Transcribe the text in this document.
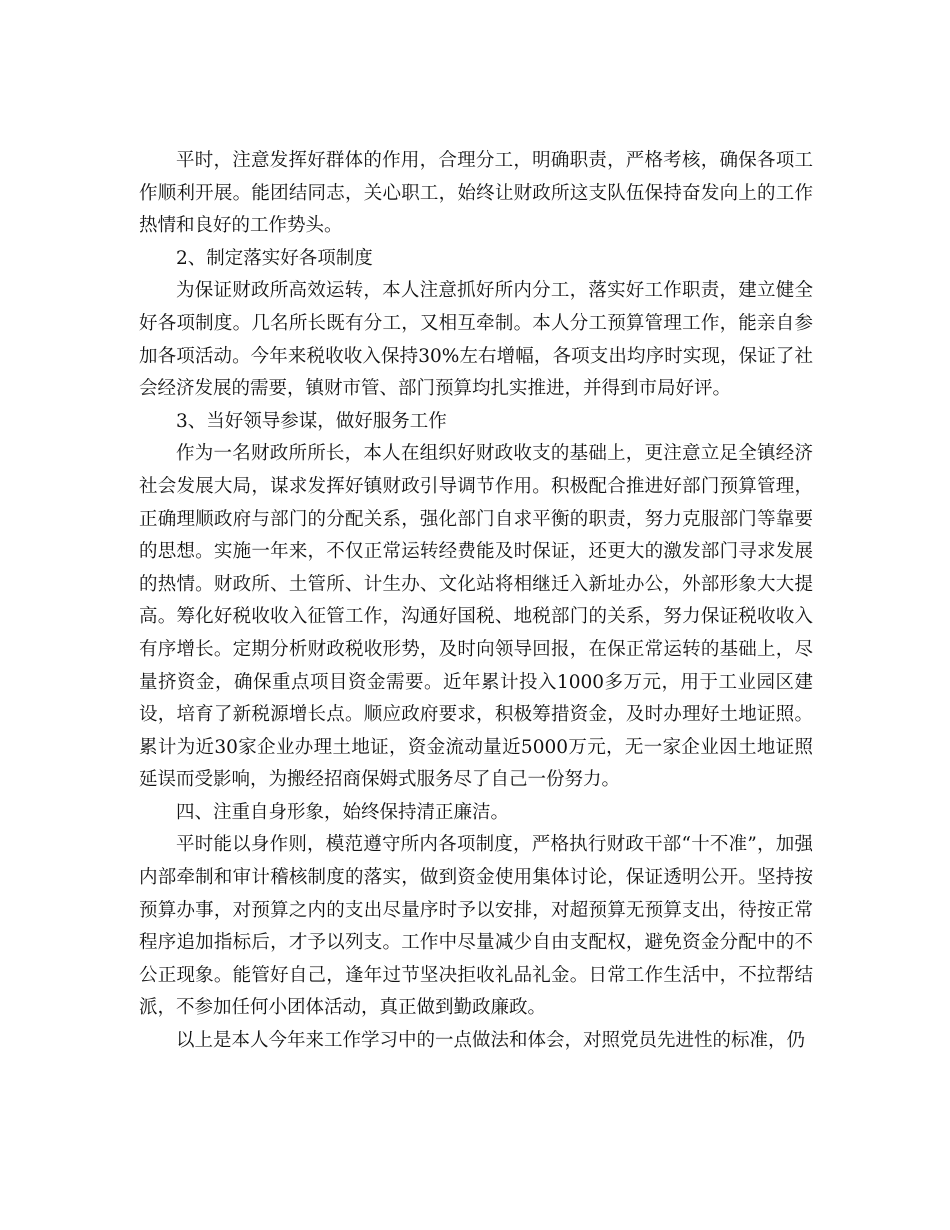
平时，注意发挥好群体的作用，合理分工，明确职责，严格考核，确保各项工作顺利开展。能团结同志，关心职工，始终让财政所这支队伍保持奋发向上的工作热情和良好的工作势头。

2、制定落实好各项制度

为保证财政所高效运转，本人注意抓好所内分工，落实好工作职责，建立健全好各项制度。几名所长既有分工，又相互牵制。本人分工预算管理工作，能亲自参加各项活动。今年来税收收入保持30%左右增幅，各项支出均序时实现，保证了社会经济发展的需要，镇财市管、部门预算均扎实推进，并得到市局好评。

3、当好领导参谋，做好服务工作

作为一名财政所所长，本人在组织好财政收支的基础上，更注意立足全镇经济社会发展大局，谋求发挥好镇财政引导调节作用。积极配合推进好部门预算管理，正确理顺政府与部门的分配关系，强化部门自求平衡的职责，努力克服部门等靠要的思想。实施一年来，不仅正常运转经费能及时保证，还更大的激发部门寻求发展的热情。财政所、土管所、计生办、文化站将相继迁入新址办公，外部形象大大提高。筹化好税收收入征管工作，沟通好国税、地税部门的关系，努力保证税收收入有序增长。定期分析财政税收形势，及时向领导回报，在保正常运转的基础上，尽量挤资金，确保重点项目资金需要。近年累计投入1000多万元，用于工业园区建设，培育了新税源增长点。顺应政府要求，积极筹措资金，及时办理好土地证照。累计为近30家企业办理土地证，资金流动量近5000万元，无一家企业因土地证照延误而受影响，为搬经招商保姆式服务尽了自己一份努力。

四、注重自身形象，始终保持清正廉洁。

平时能以身作则，模范遵守所内各项制度，严格执行财政干部“十不准”，加强内部牵制和审计稽核制度的落实，做到资金使用集体讨论，保证透明公开。坚持按预算办事，对预算之内的支出尽量序时予以安排，对超预算无预算支出，待按正常程序追加指标后，才予以列支。工作中尽量减少自由支配权，避免资金分配中的不公正现象。能管好自己，逢年过节坚决拒收礼品礼金。日常工作生活中，不拉帮结派，不参加任何小团体活动，真正做到勤政廉政。

以上是本人今年来工作学习中的一点做法和体会，对照党员先进性的标准，仍
